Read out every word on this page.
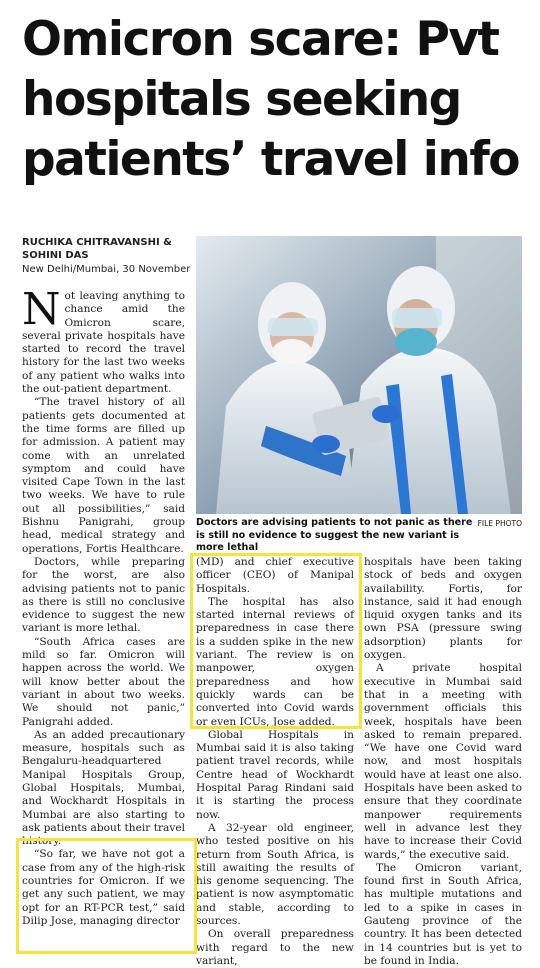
Omicron scare: Pvt hospitals seeking patients’ travel info
RUCHIKA CHITRAVANSHI &
SOHINI DAS
New Delhi/Mumbai, 30 November

Not leaving anything to chance amid the Omicron scare, several private hospitals have started to record the travel history for the last two weeks of any patient who walks into the out-patient department.

“The travel history of all patients gets documented at the time forms are filled up for admission. A patient may come with an unrelated symptom and could have visited Cape Town in the last two weeks. We have to rule out all possibilities,” said Bishnu Panigrahi, group head, medical strategy and operations, Fortis Healthcare.

Doctors, while preparing for the worst, are also advising patients not to panic as there is still no conclusive evidence to suggest the new variant is more lethal.

“South Africa cases are mild so far. Omicron will happen across the world. We will know better about the variant in about two weeks. We should not panic,” Panigrahi added.

As an added precautionary measure, hospitals such as Bengaluru-headquartered Manipal Hospitals Group, Global Hospitals, Mumbai, and Wockhardt Hospitals in Mumbai are also starting to ask patients about their travel history.

“So far, we have not got a case from any of the high-risk countries for Omicron. If we get any such patient, we may opt for an RT-PCR test,” said Dilip Jose, managing director

FILE PHOTO
Doctors are advising patients to not panic as there is still no evidence to suggest the new variant is more lethal

(MD) and chief executive officer (CEO) of Manipal Hospitals.

The hospital has also started internal reviews of preparedness in case there is a sudden spike in the new variant. The review is on manpower, oxygen preparedness and how quickly wards can be converted into Covid wards or even ICUs, Jose added.

Global Hospitals in Mumbai said it is also taking patient travel records, while Centre head of Wockhardt Hospital Parag Rindani said it is starting the process now.

A 32-year old engineer, who tested positive on his return from South Africa, is still awaiting the results of his genome sequencing. The patient is now asymptomatic and stable, according to sources.

On overall preparedness with regard to the new variant,

hospitals have been taking stock of beds and oxygen availability. Fortis, for instance, said it had enough liquid oxygen tanks and its own PSA (pressure swing adsorption) plants for oxygen.

A private hospital executive in Mumbai said that in a meeting with government officials this week, hospitals have been asked to remain prepared. “We have one Covid ward now, and most hospitals would have at least one also. Hospitals have been asked to ensure that they coordinate manpower requirements well in advance lest they have to increase their Covid wards,” the executive said.

The Omicron variant, found first in South Africa, has multiple mutations and led to a spike in cases in Gauteng province of the country. It has been detected in 14 countries but is yet to be found in India.
